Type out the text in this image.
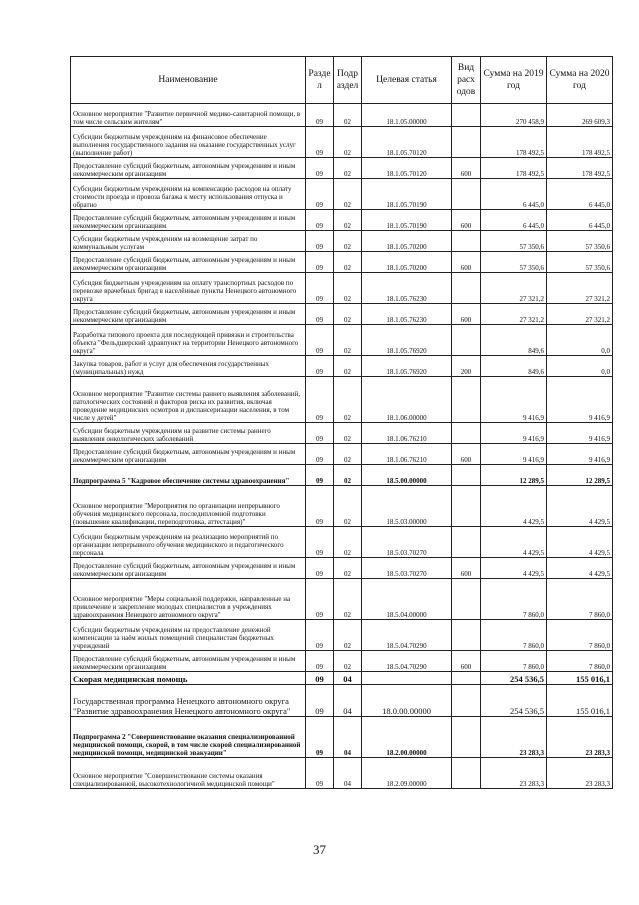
Наименование	Разде л	Подр аздел	Целевая статья	Вид расх одов	Сумма на 2019 год	Сумма на 2020 год
Основное мероприятие "Развитие первичной медико-санитарной помощи, в том числе сельским жителям"	09	02	18.1.05.00000		270 458,9	269 609,3
Субсидии бюджетным учреждениям на финансовое обеспечение выполнения государственного задания на оказание государственных услуг (выполнение работ)	09	02	18.1.05.70120		178 492,5	178 492,5
Предоставление субсидий бюджетным, автономным учреждениям и иным некоммерческим организациям	09	02	18.1.05.70120	600	178 492,5	178 492,5
Субсидии бюджетным учреждениям на компенсацию расходов на оплату стоимости проезда и провоза багажа к месту использования отпуска и обратно	09	02	18.1.05.70190		6 445,0	6 445,0
Предоставление субсидий бюджетным, автономным учреждениям и иным некоммерческим организациям	09	02	18.1.05.70190	600	6 445,0	6 445,0
Субсидии бюджетным учреждениям на возмещение затрат по коммунальным услугам	09	02	18.1.05.70200		57 350,6	57 350,6
Предоставление субсидий бюджетным, автономным учреждениям и иным некоммерческим организациям	09	02	18.1.05.70200	600	57 350,6	57 350,6
Субсидия бюджетным учреждениям на оплату транспортных расходов по перевозке врачебных бригад в населённые пункты Ненецкого автономного округа	09	02	18.1.05.76230		27 321,2	27 321,2
Предоставление субсидий бюджетным, автономным учреждениям и иным некоммерческим организациям	09	02	18.1.05.76230	600	27 321,2	27 321,2
Разработка типового проекта для последующей привязки и строительства объекта "Фельдшерский здравпункт на территории Ненецкого автономного округа"	09	02	18.1.05.76920		849,6	0,0
Закупка товаров, работ и услуг для обеспечения государственных (муниципальных) нужд	09	02	18.1.05.76920	200	849,6	0,0
Основное мероприятие "Развитие системы раннего выявления заболеваний, патологических состояний и факторов риска их развития, включая проведение медицинских осмотров и диспансеризации населения, в том числе у детей"	09	02	18.1.06.00000		9 416,9	9 416,9
Субсидии бюджетным учреждениям на развитие системы раннего выявления онкологических заболеваний	09	02	18.1.06.76210		9 416,9	9 416,9
Предоставление субсидий бюджетным, автономным учреждениям и иным некоммерческим организациям	09	02	18.1.06.76210	600	9 416,9	9 416,9
Подпрограмма 5 "Кадровое обеспечение системы здравоохранения"	09	02	18.5.00.00000		12 289,5	12 289,5
Основное мероприятие "Мероприятия по организации непрерывного обучения медицинского персонала, последипломной подготовки (повышение квалификации, переподготовка, аттестация)"	09	02	18.5.03.00000		4 429,5	4 429,5
Субсидии бюджетным учреждениям на реализацию мероприятий по организации непрерывного обучения медицинского и педагогического персонала	09	02	18.5.03.70270		4 429,5	4 429,5
Предоставление субсидий бюджетным, автономным учреждениям и иным некоммерческим организациям	09	02	18.5.03.70270	600	4 429,5	4 429,5
Основное мероприятие "Меры социальной поддержки, направленные на привлечение и закрепление молодых специалистов в учреждениях здравоохранения Ненецкого автономного округа"	09	02	18.5.04.00000		7 860,0	7 860,0
Субсидии бюджетным учреждениям на предоставление денежной компенсации за наём жилых помещений специалистам бюджетных учреждений	09	02	18.5.04.70290		7 860,0	7 860,0
Предоставление субсидий бюджетным, автономным учреждениям и иным некоммерческим организациям	09	02	18.5.04.70290	600	7 860,0	7 860,0
Скорая медицинская помощь	09	04			254 536,5	155 016,1
Государственная программа Ненецкого автономного округа "Развитие здравоохранения Ненецкого автономного округа"	09	04	18.0.00.00000		254 536,5	155 016,1
Подпрограмма 2 "Совершенствование оказания специализированной медицинской помощи, скорой, в том числе скорой специализированной медицинской помощи, медицинской эвакуации"	09	04	18.2.00.00000		23 283,3	23 283,3
Основное мероприятие "Совершенствование системы оказания специализированной, высокотехнологичной медицинской помощи"	09	04	18.2.09.00000		23 283,3	23 283,3
37
